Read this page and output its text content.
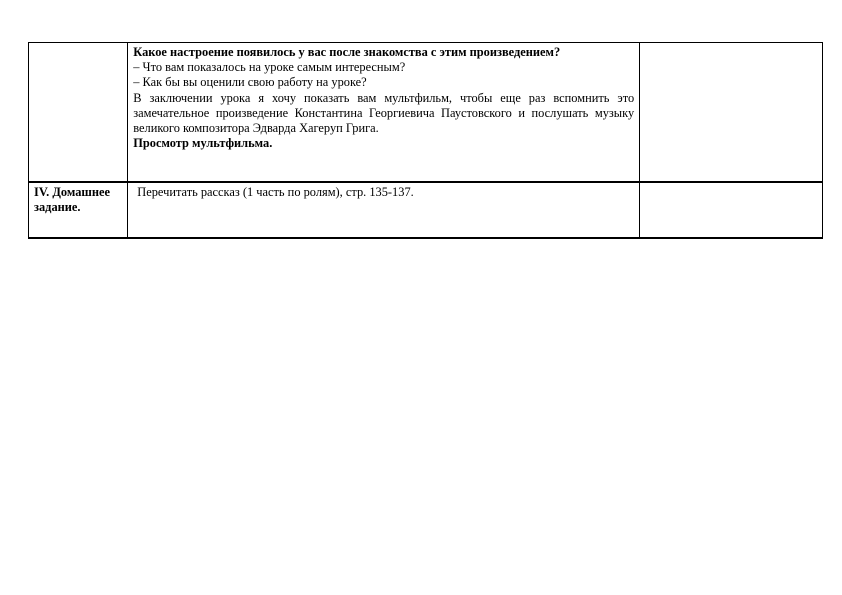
	Какое настроение появилось у вас после знакомства с этим произведением?
– Что вам показалось на уроке самым интересным?
– Как бы вы оценили свою работу на уроке?
В заключении урока я хочу показать вам мультфильм, чтобы еще раз вспомнить это замечательное произведение Константина Георгиевича Паустовского и послушать музыку великого композитора Эдварда Хагеруп Грига.
Просмотр мультфильма.	

IV. Домашнее задание.	Перечитать рассказ (1 часть по ролям), стр. 135-137.	
